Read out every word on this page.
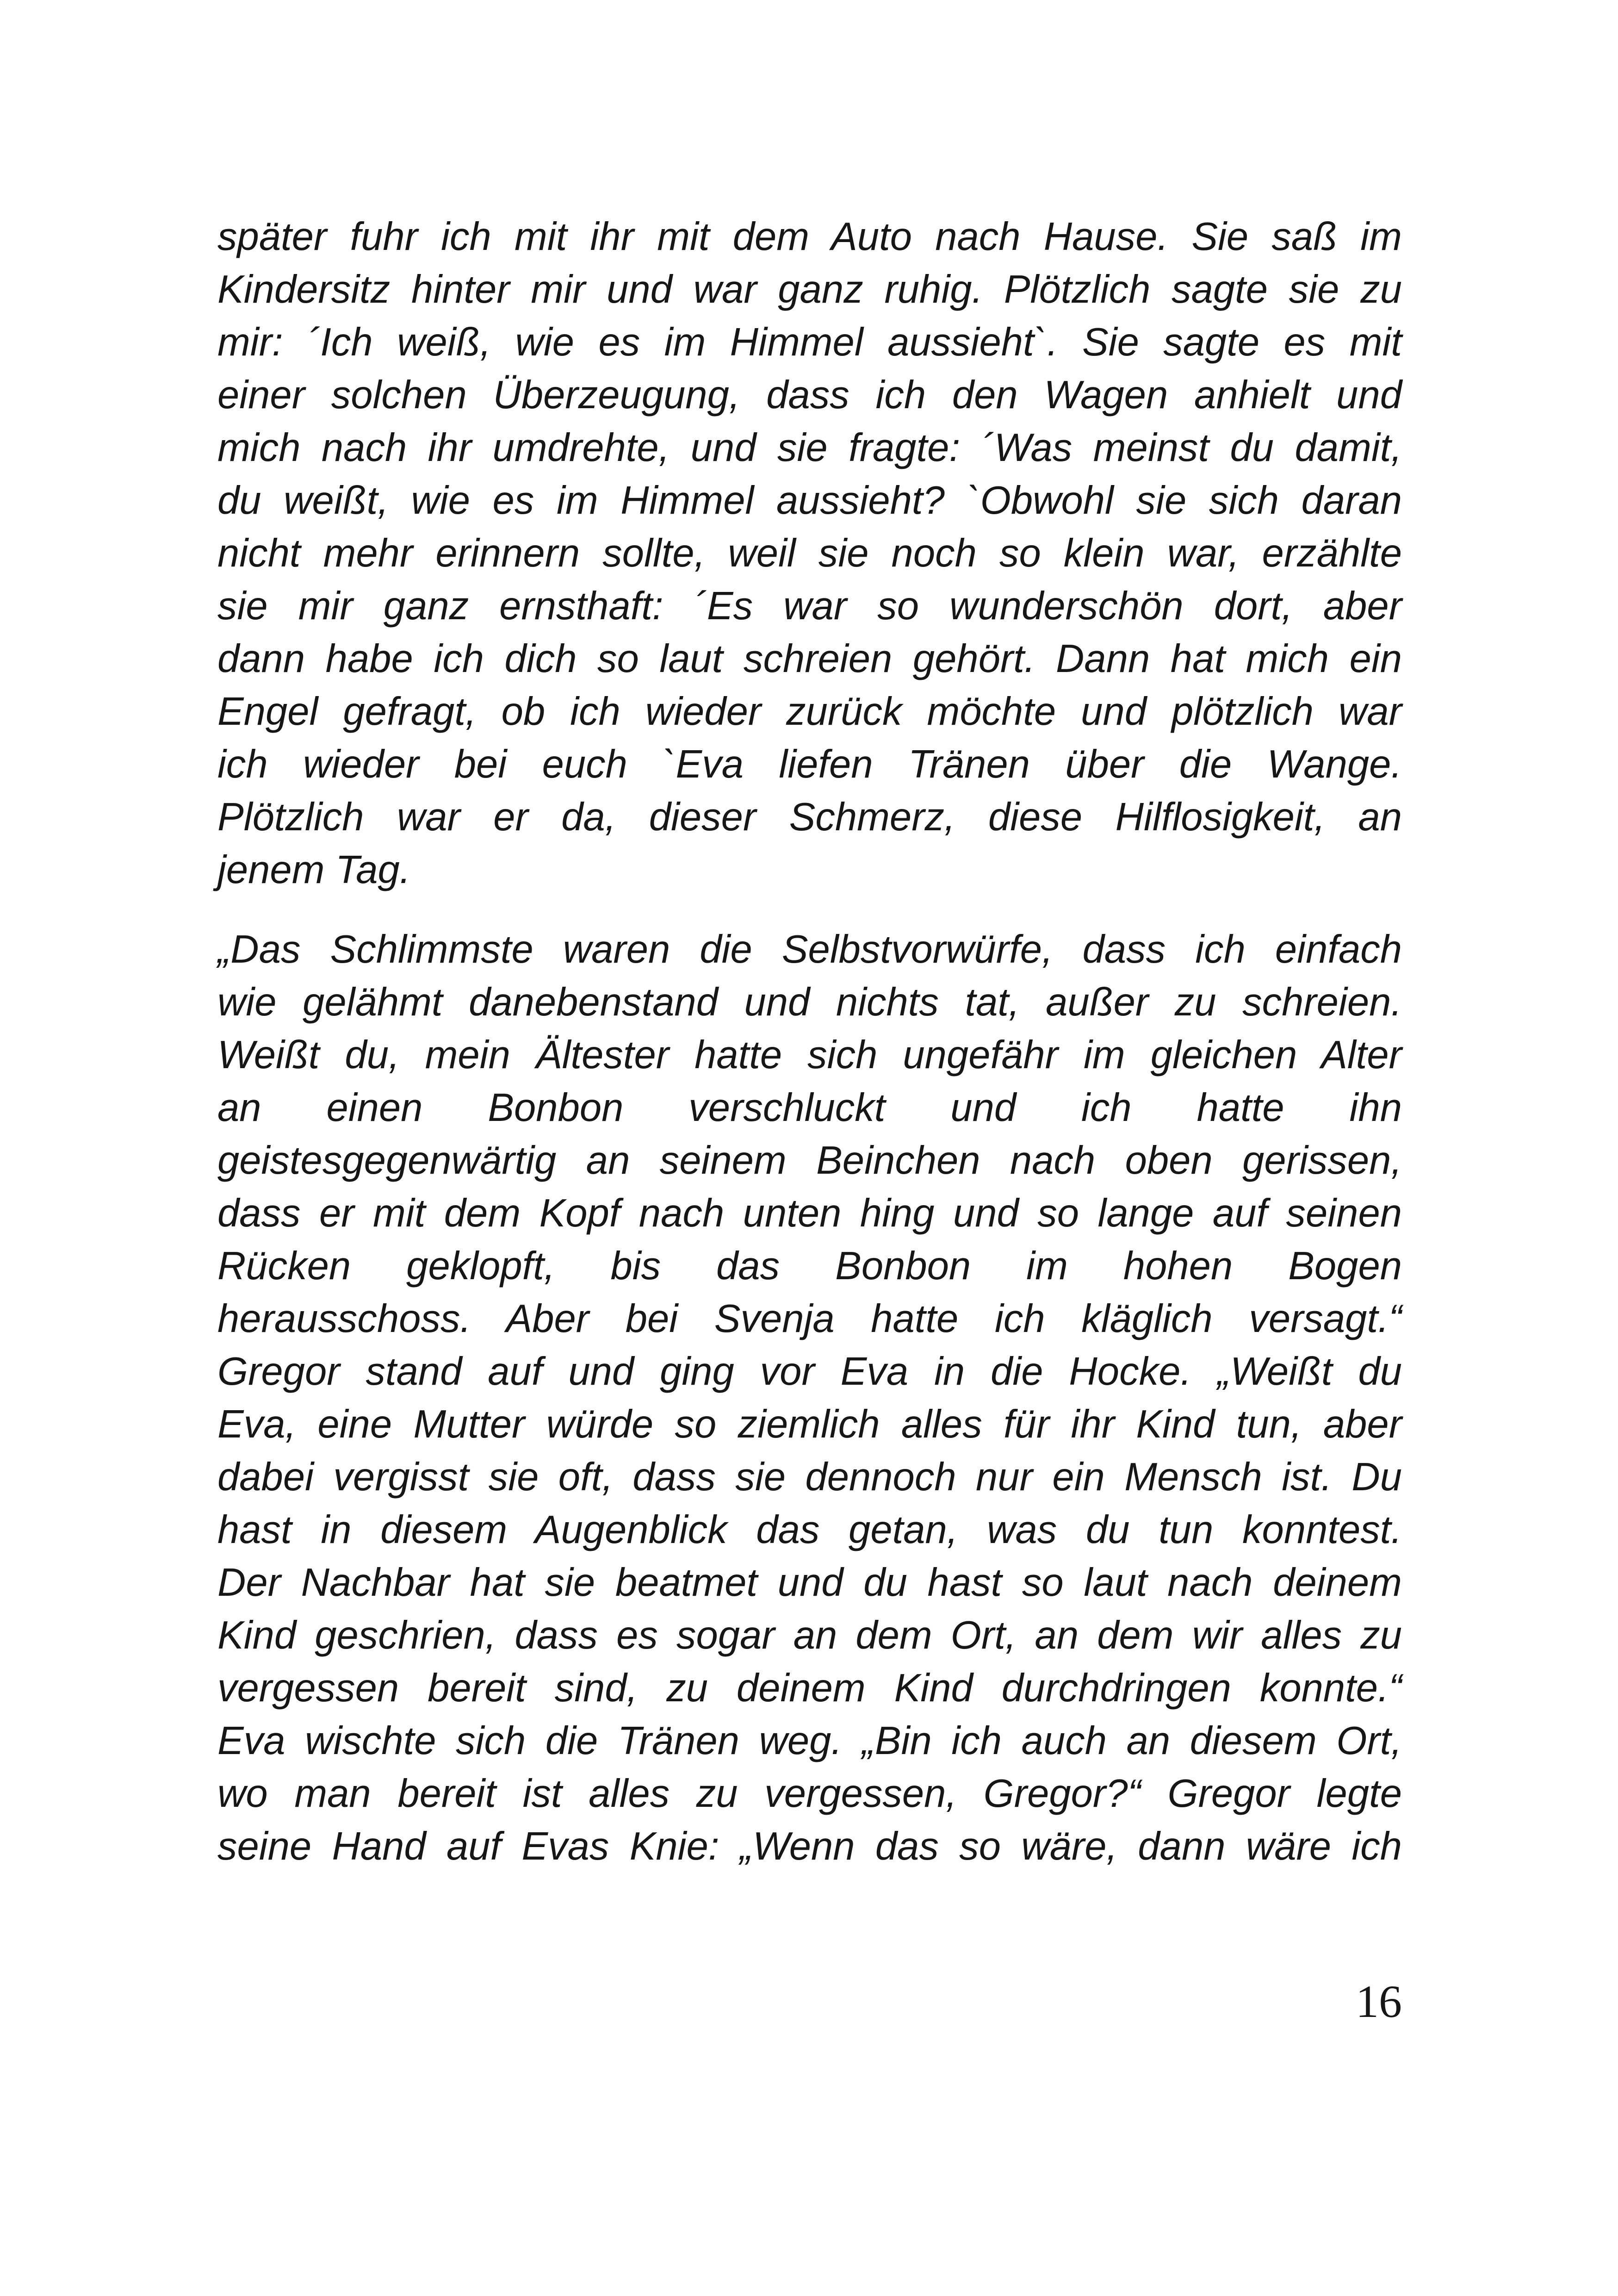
später fuhr ich mit ihr mit dem Auto nach Hause. Sie saß im
Kindersitz hinter mir und war ganz ruhig. Plötzlich sagte sie zu
mir: ´Ich weiß, wie es im Himmel aussieht`. Sie sagte es mit
einer solchen Überzeugung, dass ich den Wagen anhielt und
mich nach ihr umdrehte, und sie fragte: ´Was meinst du damit,
du weißt, wie es im Himmel aussieht? `Obwohl sie sich daran
nicht mehr erinnern sollte, weil sie noch so klein war, erzählte
sie mir ganz ernsthaft: ´Es war so wunderschön dort, aber
dann habe ich dich so laut schreien gehört. Dann hat mich ein
Engel gefragt, ob ich wieder zurück möchte und plötzlich war
ich wieder bei euch `Eva liefen Tränen über die Wange.
Plötzlich war er da, dieser Schmerz, diese Hilflosigkeit, an
jenem Tag.

„Das Schlimmste waren die Selbstvorwürfe, dass ich einfach
wie gelähmt danebenstand und nichts tat, außer zu schreien.
Weißt du, mein Ältester hatte sich ungefähr im gleichen Alter
an einen Bonbon verschluckt und ich hatte ihn
geistesgegenwärtig an seinem Beinchen nach oben gerissen,
dass er mit dem Kopf nach unten hing und so lange auf seinen
Rücken geklopft, bis das Bonbon im hohen Bogen
herausschoss. Aber bei Svenja hatte ich kläglich versagt.“
Gregor stand auf und ging vor Eva in die Hocke. „Weißt du
Eva, eine Mutter würde so ziemlich alles für ihr Kind tun, aber
dabei vergisst sie oft, dass sie dennoch nur ein Mensch ist. Du
hast in diesem Augenblick das getan, was du tun konntest.
Der Nachbar hat sie beatmet und du hast so laut nach deinem
Kind geschrien, dass es sogar an dem Ort, an dem wir alles zu
vergessen bereit sind, zu deinem Kind durchdringen konnte.“
Eva wischte sich die Tränen weg. „Bin ich auch an diesem Ort,
wo man bereit ist alles zu vergessen, Gregor?“ Gregor legte
seine Hand auf Evas Knie: „Wenn das so wäre, dann wäre ich

16
